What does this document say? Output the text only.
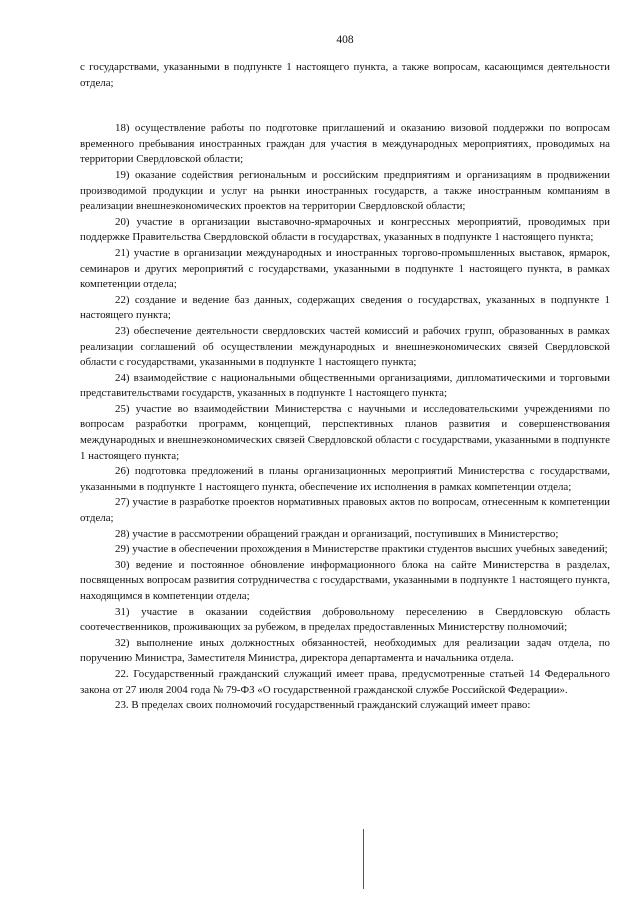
408

с государствами, указанными в подпункте 1 настоящего пункта, а также вопросам, касающимся деятельности отдела;

18) осуществление работы по подготовке приглашений и оказанию визовой поддержки по вопросам временного пребывания иностранных граждан для участия в международных мероприятиях, проводимых на территории Свердловской области;

19) оказание содействия региональным и российским предприятиям и организациям в продвижении производимой продукции и услуг на рынки иностранных государств, а также иностранным компаниям в реализации внешнеэкономических проектов на территории Свердловской области;

20) участие в организации выставочно-ярмарочных и конгрессных мероприятий, проводимых при поддержке Правительства Свердловской области в государствах, указанных в подпункте 1 настоящего пункта;

21) участие в организации международных и иностранных торгово-промышленных выставок, ярмарок, семинаров и других мероприятий с государствами, указанными в подпункте 1 настоящего пункта, в рамках компетенции отдела;

22) создание и ведение баз данных, содержащих сведения о государствах, указанных в подпункте 1 настоящего пункта;

23) обеспечение деятельности свердловских частей комиссий и рабочих групп, образованных в рамках реализации соглашений об осуществлении международных и внешнеэкономических связей Свердловской области с государствами, указанными в подпункте 1 настоящего пункта;

24) взаимодействие с национальными общественными организациями, дипломатическими и торговыми представительствами государств, указанных в подпункте 1 настоящего пункта;

25) участие во взаимодействии Министерства с научными и исследовательскими учреждениями по вопросам разработки программ, концепций, перспективных планов развития и совершенствования международных и внешнеэкономических связей Свердловской области с государствами, указанными в подпункте 1 настоящего пункта;

26) подготовка предложений в планы организационных мероприятий Министерства с государствами, указанными в подпункте 1 настоящего пункта, обеспечение их исполнения в рамках компетенции отдела;

27) участие в разработке проектов нормативных правовых актов по вопросам, отнесенным к компетенции отдела;

28) участие в рассмотрении обращений граждан и организаций, поступивших в Министерство;

29) участие в обеспечении прохождения в Министерстве практики студентов высших учебных заведений;

30) ведение и постоянное обновление информационного блока на сайте Министерства в разделах, посвященных вопросам развития сотрудничества с государствами, указанными в подпункте 1 настоящего пункта, находящимся в компетенции отдела;

31) участие в оказании содействия добровольному переселению в Свердловскую область соотечественников, проживающих за рубежом, в пределах предоставленных Министерству полномочий;

32) выполнение иных должностных обязанностей, необходимых для реализации задач отдела, по поручению Министра, Заместителя Министра, директора департамента и начальника отдела.

22. Государственный гражданский служащий имеет права, предусмотренные статьей 14 Федерального закона от 27 июля 2004 года № 79-ФЗ «О государственной гражданской службе Российской Федерации».

23. В пределах своих полномочий государственный гражданский служащий имеет право:
